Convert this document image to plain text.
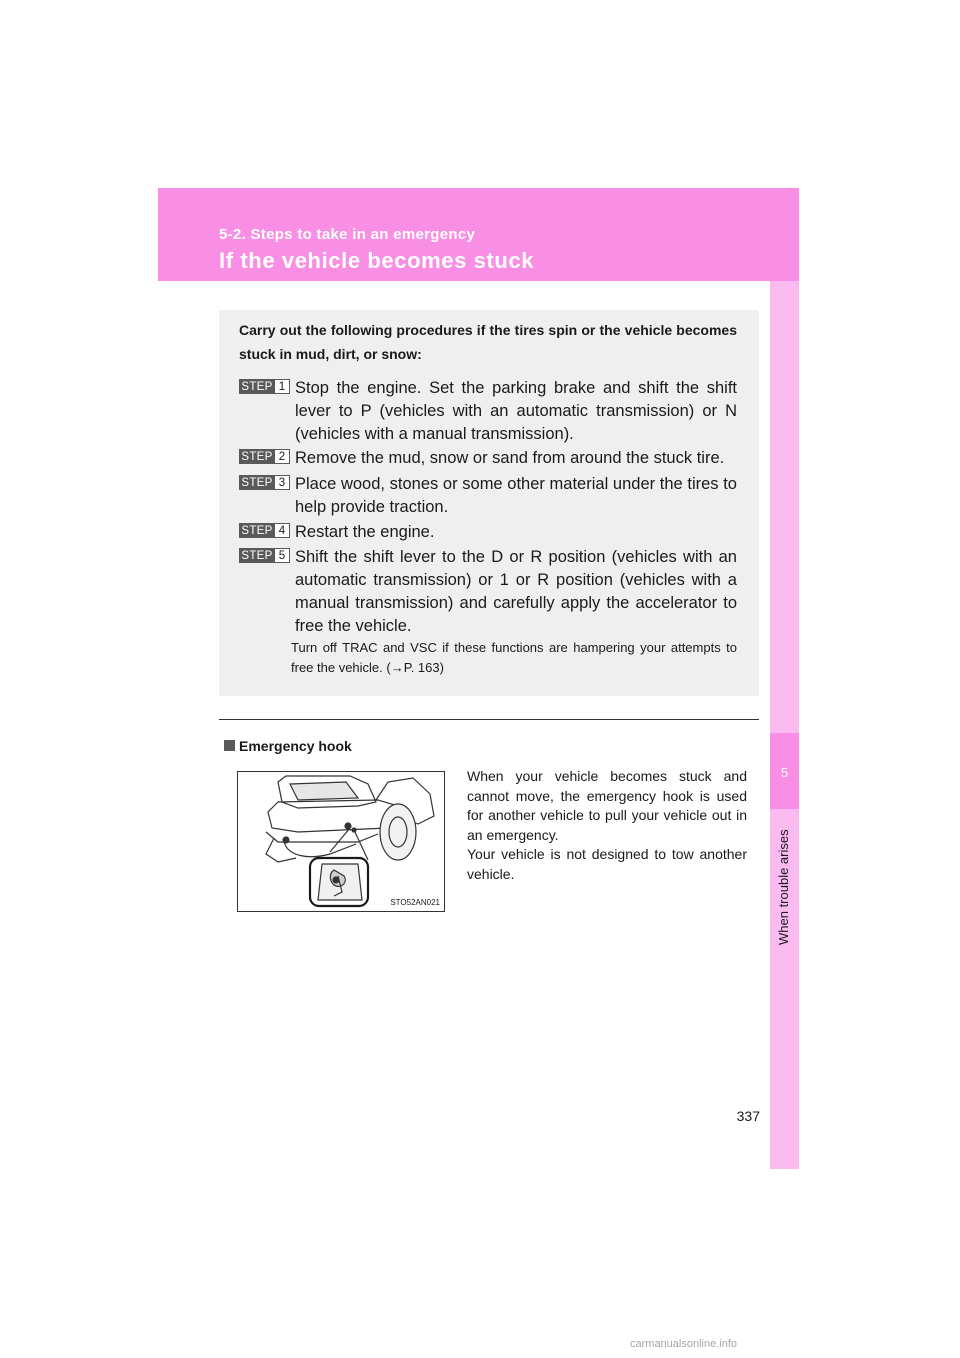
5-2. Steps to take in an emergency
If the vehicle becomes stuck
5
When trouble arises
Carry out the following procedures if the tires spin or the vehicle becomes stuck in mud, dirt, or snow:
STEP 1 Stop the engine. Set the parking brake and shift the shift lever to P (vehicles with an automatic transmission) or N (vehicles with a manual transmission).
STEP 2 Remove the mud, snow or sand from around the stuck tire.
STEP 3 Place wood, stones or some other material under the tires to help provide traction.
STEP 4 Restart the engine.
STEP 5 Shift the shift lever to the D or R position (vehicles with an automatic transmission) or 1 or R position (vehicles with a manual transmission) and carefully apply the accelerator to free the vehicle.
Turn off TRAC and VSC if these functions are hampering your attempts to free the vehicle. (→P. 163)
Emergency hook
STO52AN021

When your vehicle becomes stuck and cannot move, the emergency hook is used for another vehicle to pull your vehicle out in an emergency.

Your vehicle is not designed to tow another vehicle.

337
carmanualsonline.info
